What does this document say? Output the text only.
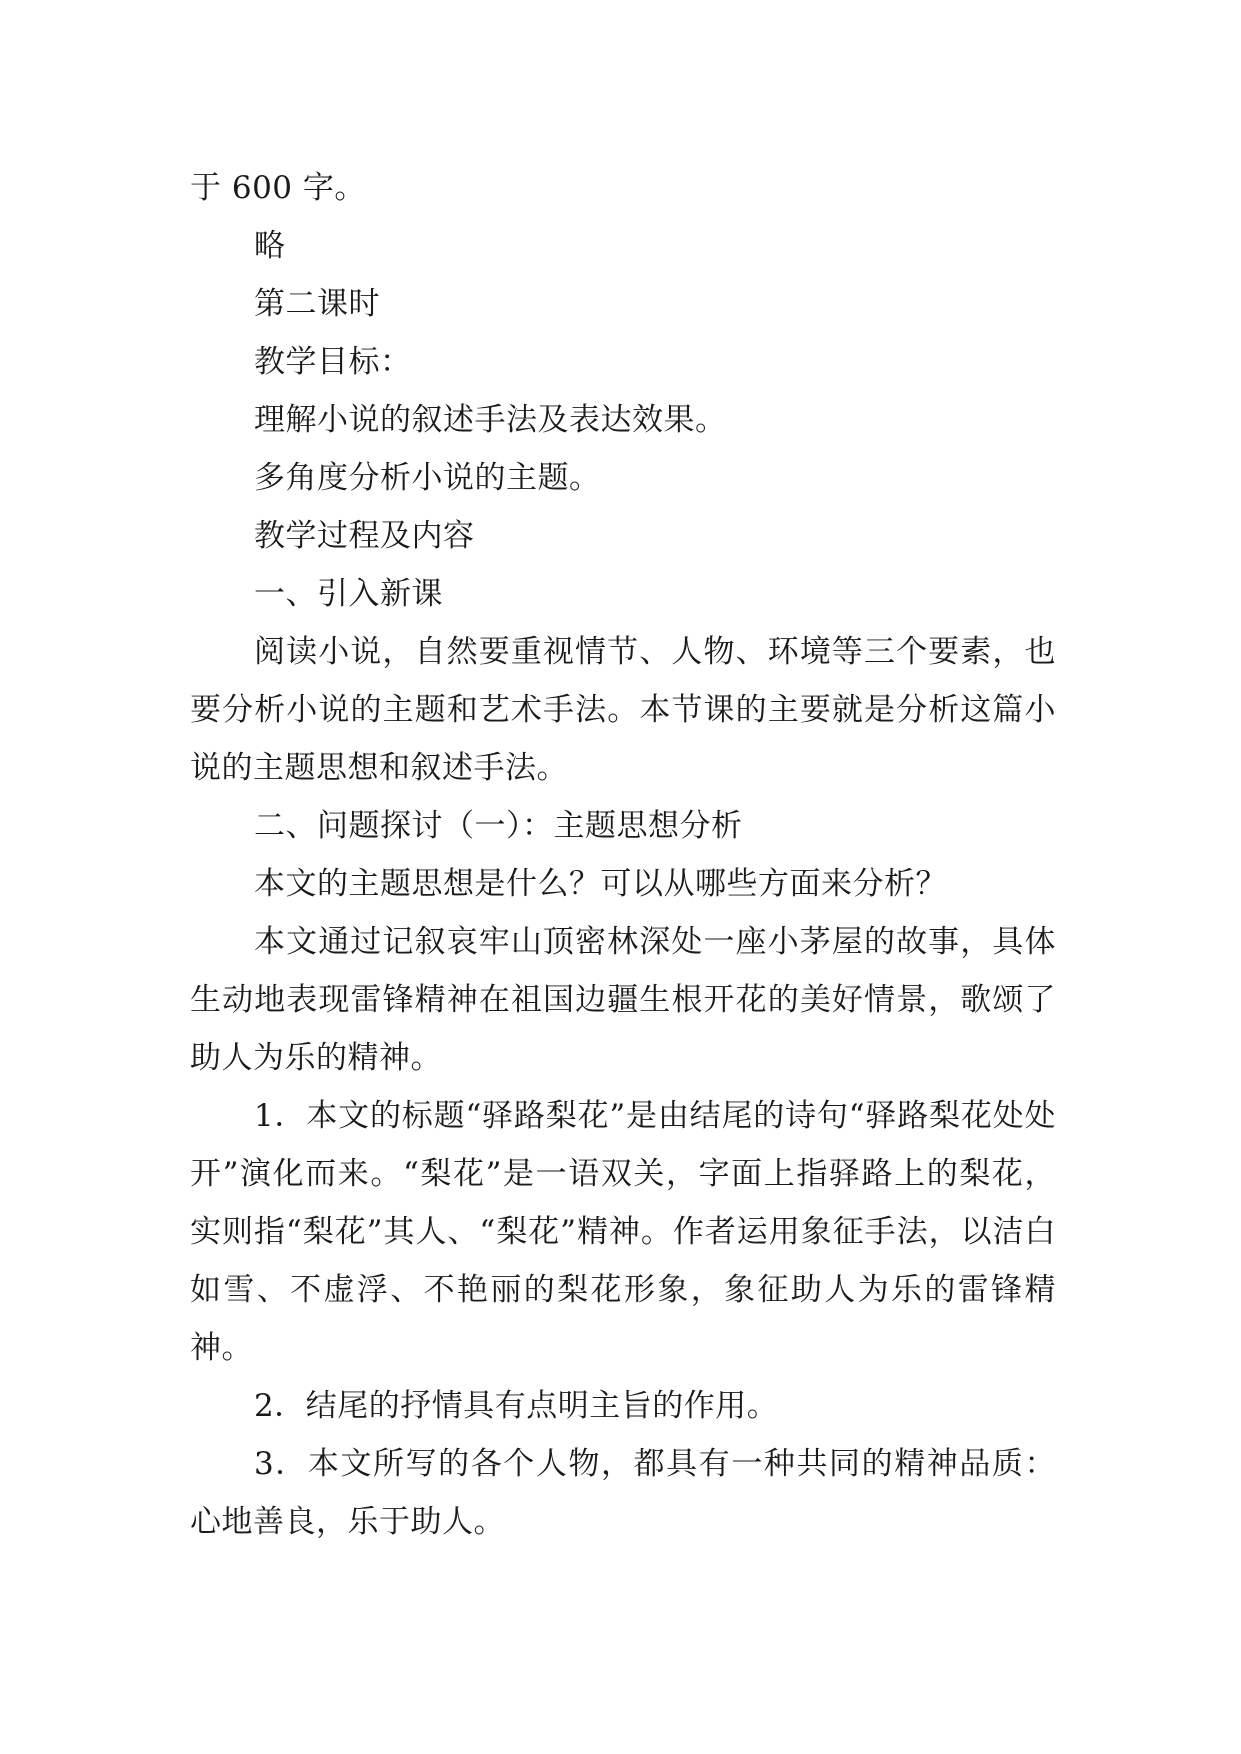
于 600 字。

略

第二课时

教学目标：

理解小说的叙述手法及表达效果。

多角度分析小说的主题。

教学过程及内容

一、引入新课

阅读小说，自然要重视情节、人物、环境等三个要素，也要分析小说的主题和艺术手法。本节课的主要就是分析这篇小说的主题思想和叙述手法。

二、问题探讨（一）：主题思想分析

本文的主题思想是什么？可以从哪些方面来分析？

本文通过记叙哀牢山顶密林深处一座小茅屋的故事，具体生动地表现雷锋精神在祖国边疆生根开花的美好情景，歌颂了助人为乐的精神。

1．本文的标题“驿路梨花”是由结尾的诗句“驿路梨花处处开”演化而来。“梨花”是一语双关，字面上指驿路上的梨花，实则指“梨花”其人、“梨花”精神。作者运用象征手法，以洁白如雪、不虚浮、不艳丽的梨花形象，象征助人为乐的雷锋精神。

2．结尾的抒情具有点明主旨的作用。

3．本文所写的各个人物，都具有一种共同的精神品质：心地善良，乐于助人。
